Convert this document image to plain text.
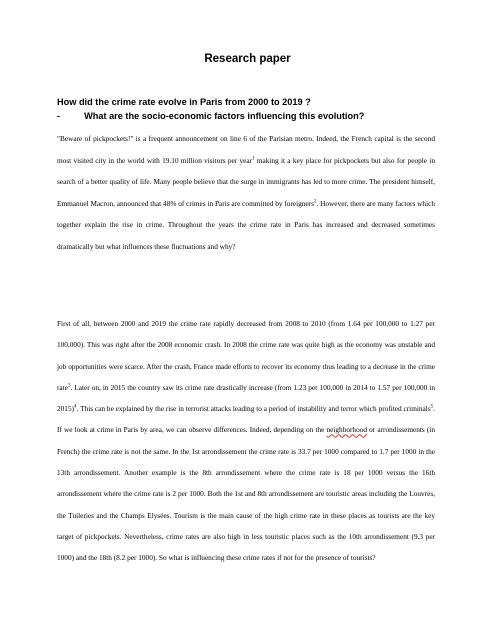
Research paper
How did the crime rate evolve in Paris from 2000 to 2019 ?
-	What are the socio-economic factors influencing this evolution?

"Beware of pickpockets!" is a frequent announcement on line 6 of the Parisian metro. Indeed, the French capital is the second most visited city in the world with 19.10 million visitors per year$^1$ making it a key place for pickpockets but also for people in search of a better quality of life. Many people believe that the surge in immigrants has led to more crime. The president himself, Emmanuel Macron, announced that 48% of crimes in Paris are committed by foreigners$^2$. However, there are many factors which together explain the rise in crime. Throughout the years the crime rate in Paris has increased and decreased sometimes dramatically but what influences these fluctuations and why?

First of all, between 2000 and 2019 the crime rate rapidly decreased from 2008 to 2010 (from 1.64 per 100,000 to 1.27 per 100,000). This was right after the 2008 economic crash. In 2008 the crime rate was quite high as the economy was unstable and job opportunities were scarce. After the crash, France made efforts to recover its economy thus leading to a decrease in the crime rate$^3$. Later on, in 2015 the country saw its crime rate drastically increase (from 1.23 per 100,000 in 2014 to 1.57 per 100,000 in 2015)$^4$. This can be explained by the rise in terrorist attacks leading to a period of instability and terror which profited criminals$^5$. If we look at crime in Paris by area, we can observe differences. Indeed, depending on the neighborhood or arrondissements (in French) the crime rate is not the same. In the 1st arrondissement the crime rate is 33.7 per 1000 compared to 1.7 per 1000 in the 13th arrondissement. Another example is the 8th arrondissement where the crime rate is 18 per 1000 versus the 16th arrondissement where the crime rate is 2 per 1000. Both the 1st and 8th arrondissement are touristic areas including the Louvres, the Tuileries and the Champs Elysées. Tourism is the main cause of the high crime rate in these places as tourists are the key target of pickpockets. Nevertheless, crime rates are also high in less touristic places such as the 10th arrondissement (9.3 per 1000) and the 18th (8.2 per 1000). So what is influencing these crime rates if not for the presence of tourists?
